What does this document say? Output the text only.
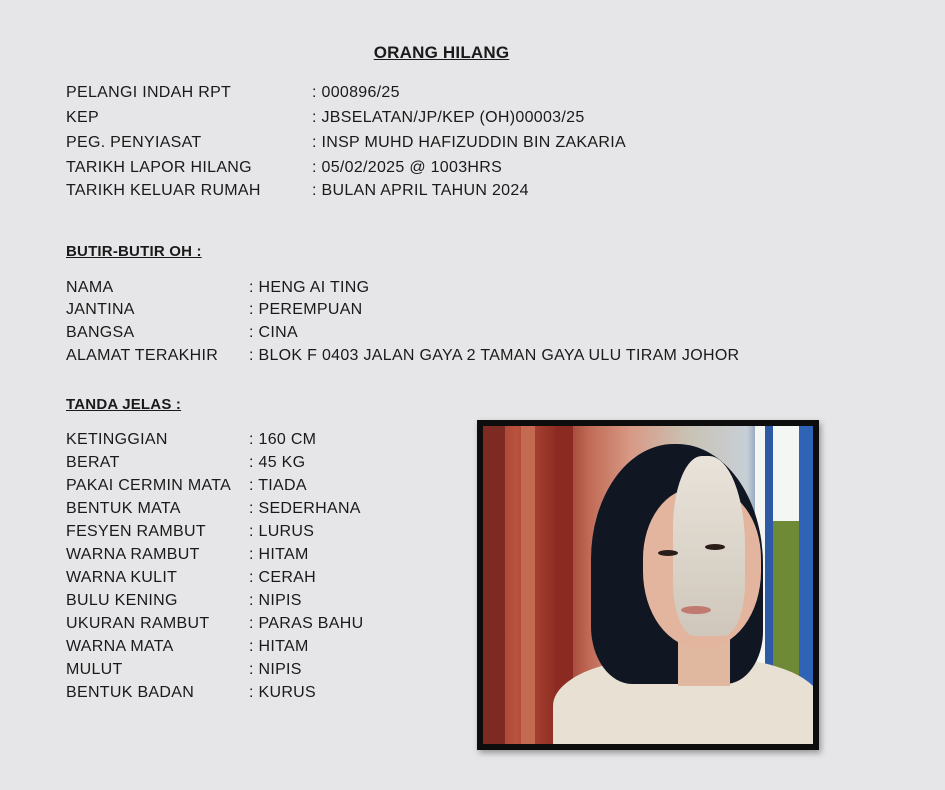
ORANG HILANG
PELANGI INDAH RPT	: 000896/25
KEP	: JBSELATAN/JP/KEP (OH)00003/25
PEG. PENYIASAT	: INSP MUHD HAFIZUDDIN BIN ZAKARIA
TARIKH LAPOR HILANG	: 05/02/2025 @ 1003HRS
TARIKH KELUAR RUMAH	: BULAN APRIL TAHUN 2024
BUTIR-BUTIR OH :
NAMA	: HENG AI TING
JANTINA	: PEREMPUAN
BANGSA	: CINA
ALAMAT TERAKHIR : BLOK F 0403 JALAN GAYA 2 TAMAN GAYA ULU TIRAM JOHOR
TANDA JELAS :
KETINGGIAN	: 160 CM
BERAT	: 45 KG
PAKAI CERMIN MATA : TIADA
BENTUK MATA	: SEDERHANA
FESYEN RAMBUT	: LURUS
WARNA RAMBUT	: HITAM
WARNA KULIT	: CERAH
BULU KENING	: NIPIS
UKURAN RAMBUT : PARAS BAHU
WARNA MATA	: HITAM
MULUT	: NIPIS
BENTUK BADAN	: KURUS
